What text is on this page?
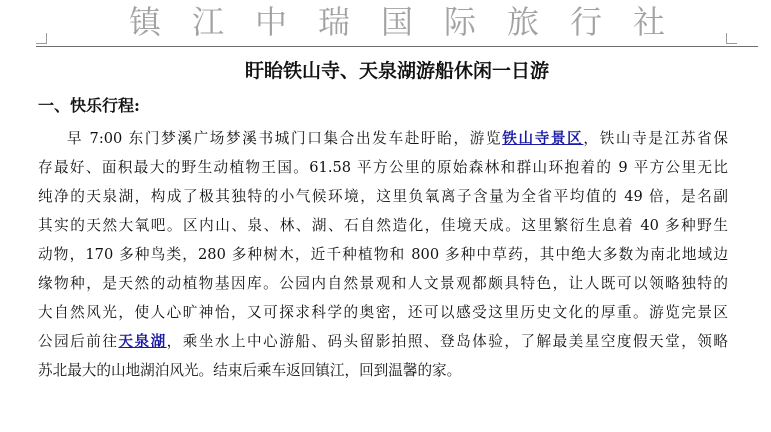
镇江中瑞国际旅行社
盱眙铁山寺、天泉湖游船休闲一日游
一、快乐行程:
早 7:00 东门梦溪广场梦溪书城门口集合出发车赴盱眙，游览铁山寺景区，铁山寺是江苏省保
存最好、面积最大的野生动植物王国。61.58 平方公里的原始森林和群山环抱着的 9 平方公里无比
纯净的天泉湖，构成了极其独特的小气候环境，这里负氧离子含量为全省平均值的 49 倍，是名副
其实的天然大氧吧。区内山、泉、林、湖、石自然造化，佳境天成。这里繁衍生息着 40 多种野生
动物，170 多种鸟类，280 多种树木，近千种植物和 800 多种中草药，其中绝大多数为南北地域边
缘物种，是天然的动植物基因库。公园内自然景观和人文景观都颇具特色，让人既可以领略独特的
大自然风光，使人心旷神怡，又可探求科学的奥密，还可以感受这里历史文化的厚重。游览完景区
公园后前往天泉湖，乘坐水上中心游船、码头留影拍照、登岛体验，了解最美星空度假天堂，领略
苏北最大的山地湖泊风光。结束后乘车返回镇江，回到温馨的家。
